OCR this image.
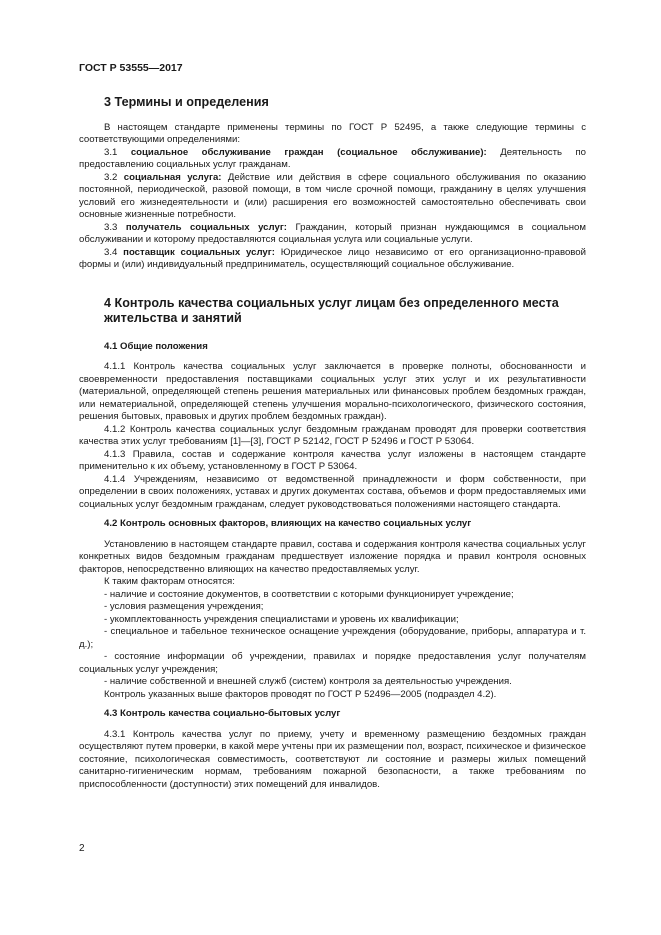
ГОСТ Р 53555—2017
3 Термины и определения

В настоящем стандарте применены термины по ГОСТ Р 52495, а также следующие термины с соответствующими определениями:

3.1 социальное обслуживание граждан (социальное обслуживание): Деятельность по предоставлению социальных услуг гражданам.

3.2 социальная услуга: Действие или действия в сфере социального обслуживания по оказанию постоянной, периодической, разовой помощи, в том числе срочной помощи, гражданину в целях улучшения условий его жизнедеятельности и (или) расширения его возможностей самостоятельно обеспечивать свои основные жизненные потребности.

3.3 получатель социальных услуг: Гражданин, который признан нуждающимся в социальном обслуживании и которому предоставляются социальная услуга или социальные услуги.

3.4 поставщик социальных услуг: Юридическое лицо независимо от его организационно-правовой формы и (или) индивидуальный предприниматель, осуществляющий социальное обслуживание.

4 Контроль качества социальных услуг лицам без определенного места жительства и занятий
4.1 Общие положения

4.1.1 Контроль качества социальных услуг заключается в проверке полноты, обоснованности и своевременности предоставления поставщиками социальных услуг этих услуг и их результативности (материальной, определяющей степень решения материальных или финансовых проблем бездомных граждан, или нематериальной, определяющей степень улучшения морально-психологического, физического состояния, решения бытовых, правовых и других проблем бездомных граждан).

4.1.2 Контроль качества социальных услуг бездомным гражданам проводят для проверки соответствия качества этих услуг требованиям [1]—[3], ГОСТ Р 52142, ГОСТ Р 52496 и ГОСТ Р 53064.

4.1.3 Правила, состав и содержание контроля качества услуг изложены в настоящем стандарте применительно к их объему, установленному в ГОСТ Р 53064.

4.1.4 Учреждениям, независимо от ведомственной принадлежности и форм собственности, при определении в своих положениях, уставах и других документах состава, объемов и форм предоставляемых ими социальных услуг бездомным гражданам, следует руководствоваться положениями настоящего стандарта.

4.2 Контроль основных факторов, влияющих на качество социальных услуг

Установлению в настоящем стандарте правил, состава и содержания контроля качества социальных услуг конкретных видов бездомным гражданам предшествует изложение порядка и правил контроля основных факторов, непосредственно влияющих на качество предоставляемых услуг.

К таким факторам относятся:

- наличие и состояние документов, в соответствии с которыми функционирует учреждение;

- условия размещения учреждения;

- укомплектованность учреждения специалистами и уровень их квалификации;

- специальное и табельное техническое оснащение учреждения (оборудование, приборы, аппаратура и т. д.);

- состояние информации об учреждении, правилах и порядке предоставления услуг получателям социальных услуг учреждения;

- наличие собственной и внешней служб (систем) контроля за деятельностью учреждения.

Контроль указанных выше факторов проводят по ГОСТ Р 52496—2005 (подраздел 4.2).

4.3 Контроль качества социально-бытовых услуг

4.3.1 Контроль качества услуг по приему, учету и временному размещению бездомных граждан осуществляют путем проверки, в какой мере учтены при их размещении пол, возраст, психическое и физическое состояние, психологическая совместимость, соответствуют ли состояние и размеры жилых помещений санитарно-гигиеническим нормам, требованиям пожарной безопасности, а также требованиям по приспособленности (доступности) этих помещений для инвалидов.

2
